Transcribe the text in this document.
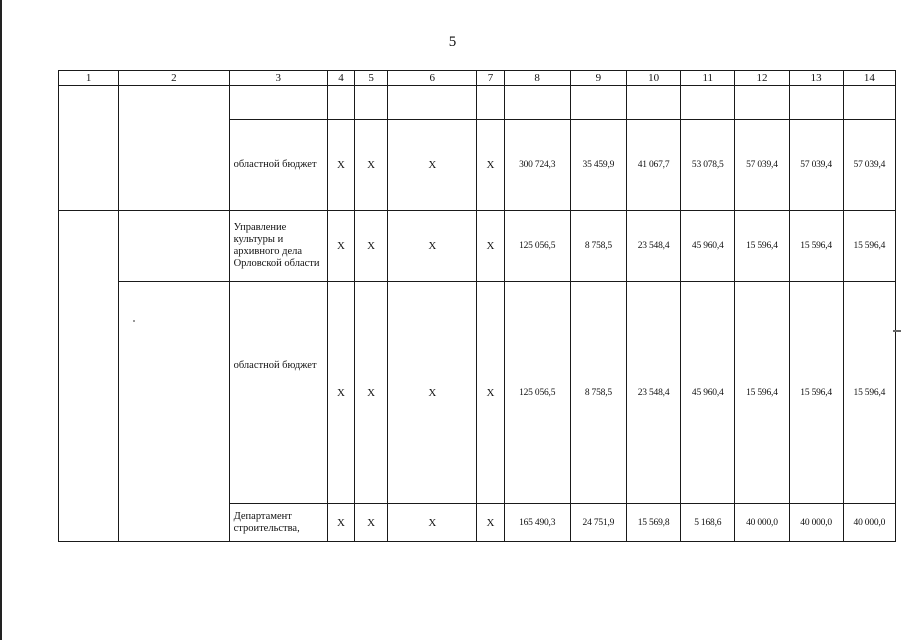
5
1	2	3	4	5	6	7	8	9	10	11	12	13	14

		областной бюджет	X	X	X	X	300 724,3	35 459,9	41 067,7	53 078,5	57 039,4	57 039,4	57 039,4
		Управление культуры и архивного дела Орловской области	X	X	X	X	125 056,5	8 758,5	23 548,4	45 960,4	15 596,4	15 596,4	15 596,4
		областной бюджет	X	X	X	X	125 056,5	8 758,5	23 548,4	45 960,4	15 596,4	15 596,4	15 596,4
		Департамент строительства,	X	X	X	X	165 490,3	24 751,9	15 569,8	5 168,6	40 000,0	40 000,0	40 000,0
